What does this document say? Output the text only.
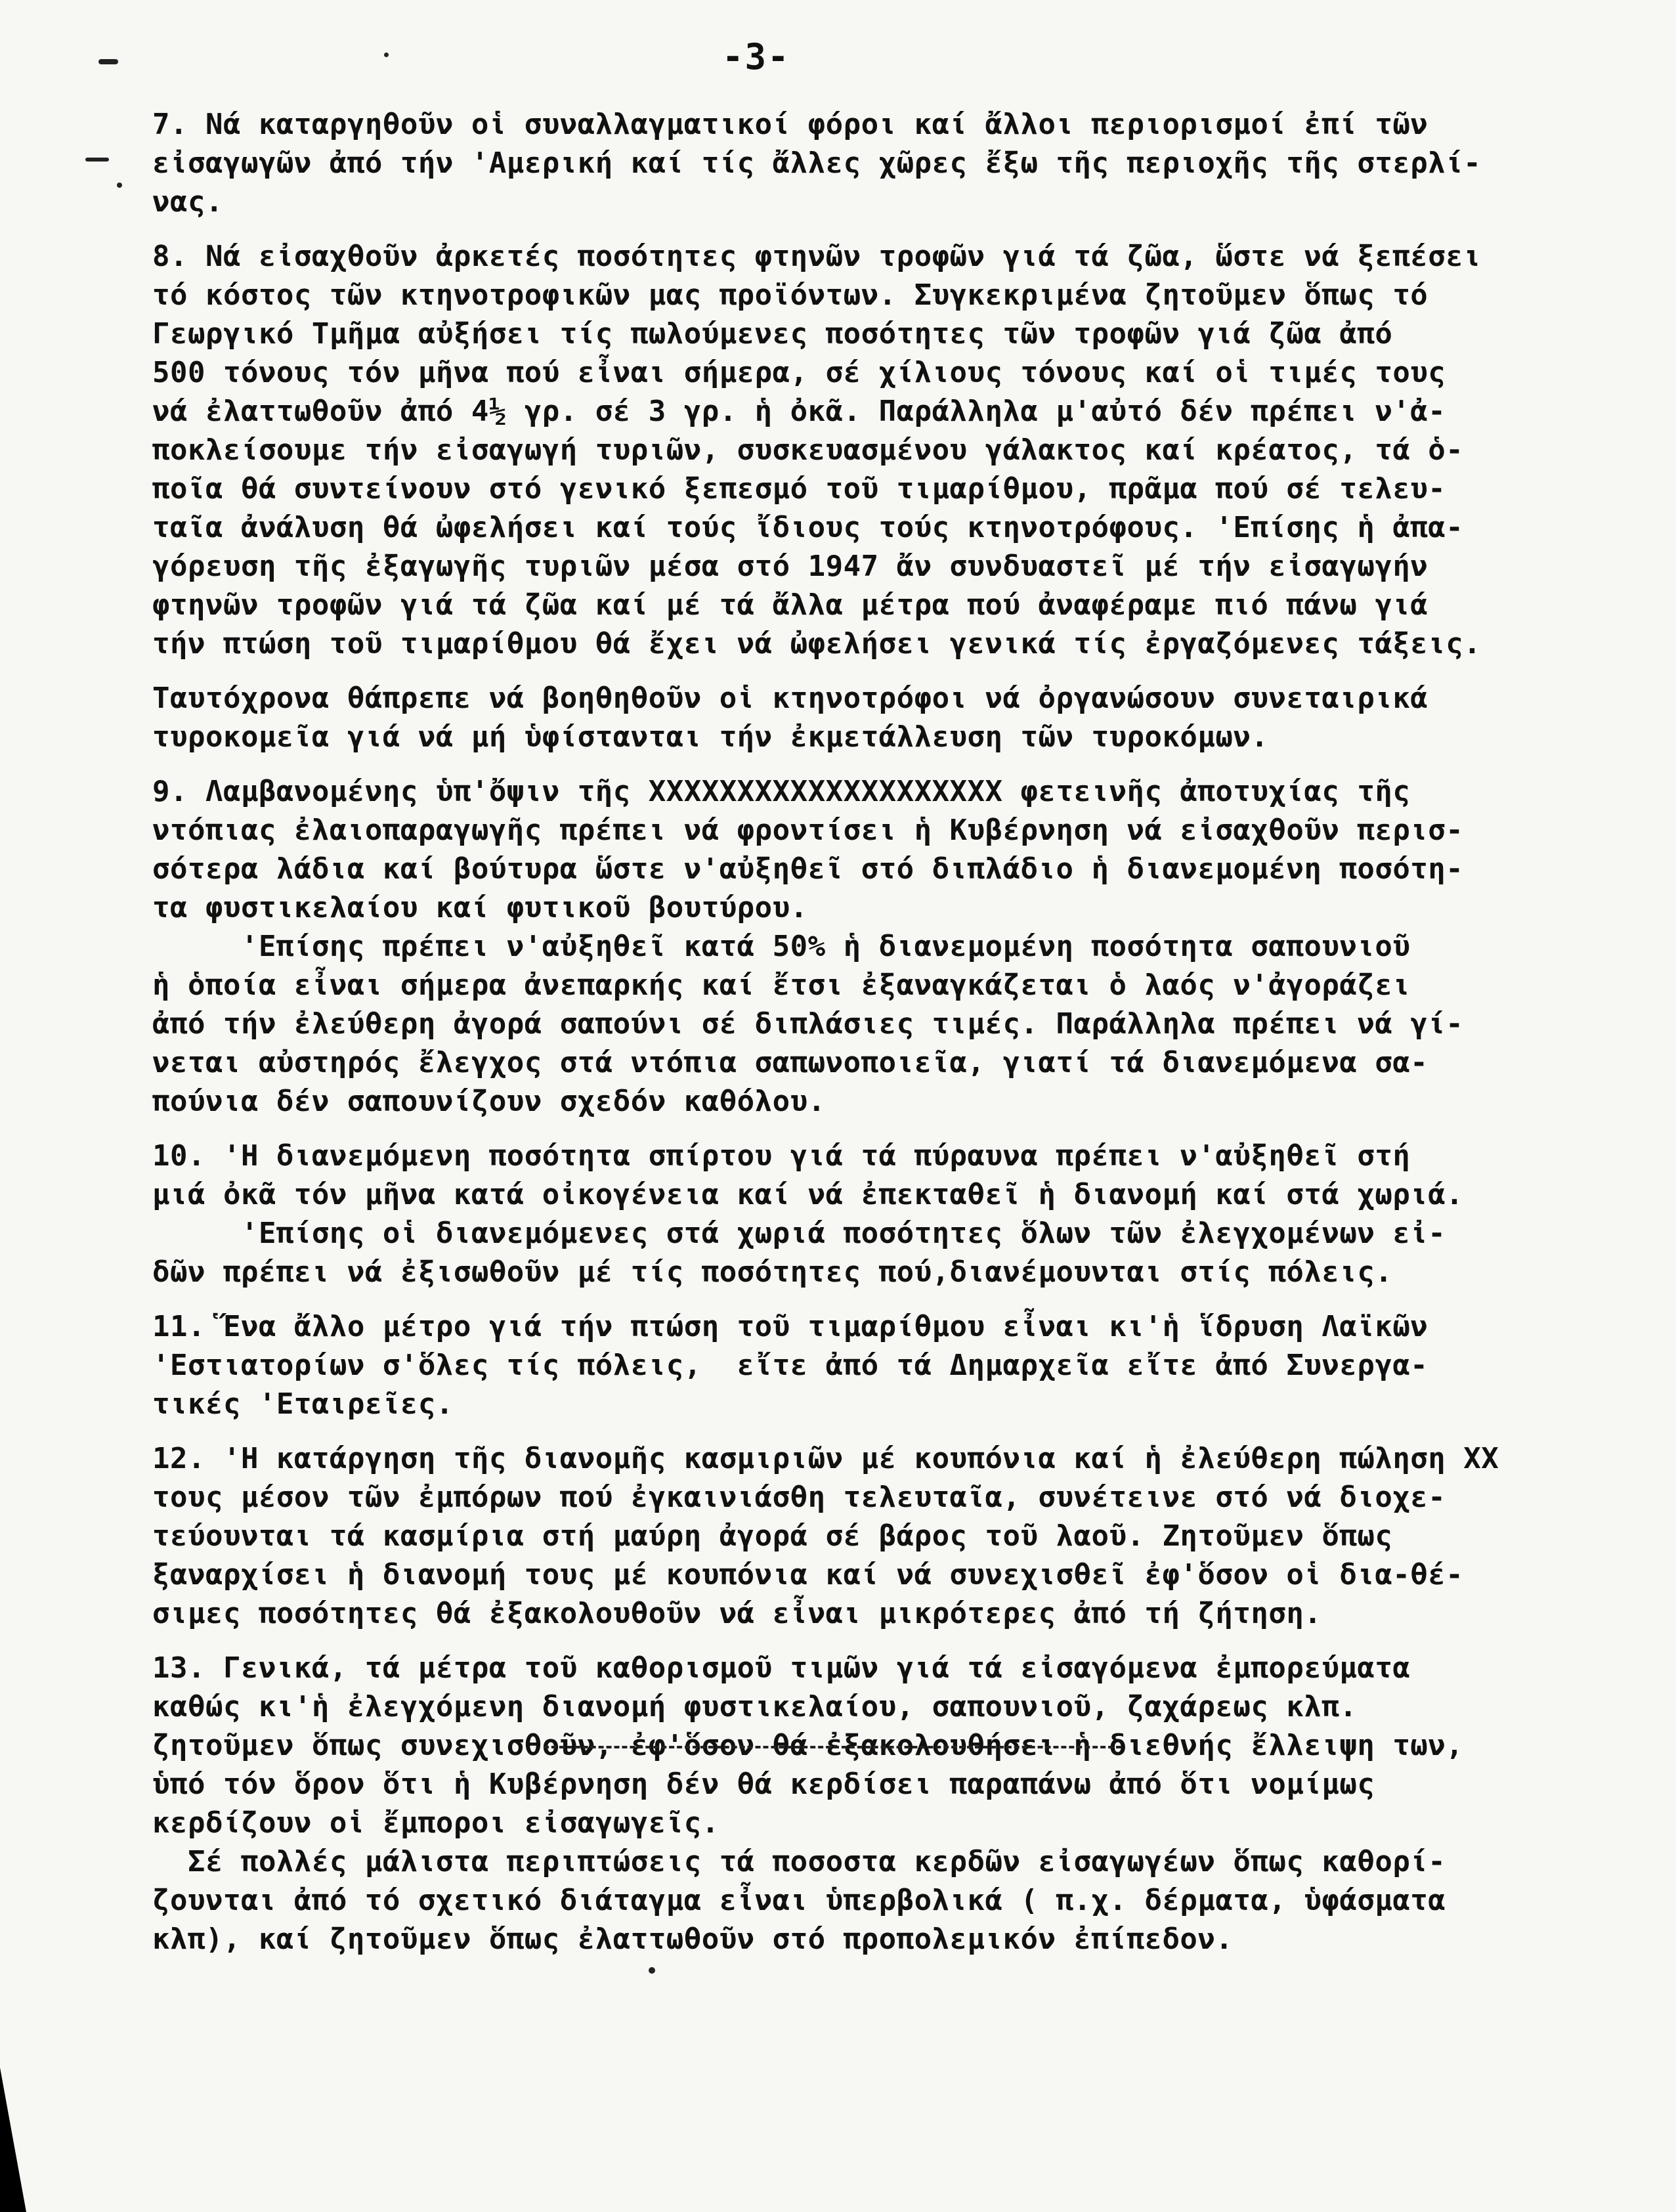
-3-
7. Νά καταργηθοῦν οἱ συναλλαγματικοί φόροι καί ἄλλοι περιορισμοί ἐπί τῶν
εἰσαγωγῶν ἀπό τήν 'Αμερική καί τίς ἄλλες χῶρες ἔξω τῆς περιοχῆς τῆς στερλί-
νας.
8. Νά εἰσαχθοῦν ἀρκετές ποσότητες φτηνῶν τροφῶν γιά τά ζῶα, ὥστε νά ξεπέσει
τό κόστος τῶν κτηνοτροφικῶν μας προϊόντων. Συγκεκριμένα ζητοῦμεν ὅπως τό
Γεωργικό Τμῆμα αὐξήσει τίς πωλούμενες ποσότητες τῶν τροφῶν γιά ζῶα ἀπό
500 τόνους τόν μῆνα πού εἶναι σήμερα, σέ χίλιους τόνους καί οἱ τιμές τους
νά ἐλαττωθοῦν ἀπό 4½ γρ. σέ 3 γρ. ἡ ὀκᾶ. Παράλληλα μ'αὐτό δέν πρέπει ν'ἀ-
ποκλείσουμε τήν εἰσαγωγή τυριῶν, συσκευασμένου γάλακτος καί κρέατος, τά ὁ-
ποῖα θά συντείνουν στό γενικό ξεπεσμό τοῦ τιμαρίθμου, πρᾶμα πού σέ τελευ-
ταῖα ἀνάλυση θά ὠφελήσει καί τούς ἴδιους τούς κτηνοτρόφους. 'Επίσης ἡ ἀπα-
γόρευση τῆς ἐξαγωγῆς τυριῶν μέσα στό 1947 ἄν συνδυαστεῖ μέ τήν εἰσαγωγήν
φτηνῶν τροφῶν γιά τά ζῶα καί μέ τά ἄλλα μέτρα πού ἀναφέραμε πιό πάνω γιά
τήν πτώση τοῦ τιμαρίθμου θά ἔχει νά ὠφελήσει γενικά τίς ἐργαζόμενες τάξεις.
Ταυτόχρονα θάπρεπε νά βοηθηθοῦν οἱ κτηνοτρόφοι νά ὀργανώσουν συνεταιρικά
τυροκομεῖα γιά νά μή ὑφίστανται τήν ἐκμετάλλευση τῶν τυροκόμων.
9. Λαμβανομένης ὑπ'ὄψιν τῆς XXXXXXXXXXXXXXXXXXXX φετεινῆς ἀποτυχίας τῆς
ντόπιας ἐλαιοπαραγωγῆς πρέπει νά φροντίσει ἡ Κυβέρνηση νά εἰσαχθοῦν περισ-
σότερα λάδια καί βούτυρα ὥστε ν'αὐξηθεῖ στό διπλάδιο ἡ διανεμομένη ποσότη-
τα φυστικελαίου καί φυτικοῦ βουτύρου.
'Επίσης πρέπει ν'αὐξηθεῖ κατά 50% ἡ διανεμομένη ποσότητα σαπουνιοῦ
ἡ ὁποία εἶναι σήμερα ἀνεπαρκής καί ἔτσι ἐξαναγκάζεται ὁ λαός ν'ἀγοράζει
ἀπό τήν ἐλεύθερη ἀγορά σαπούνι σέ διπλάσιες τιμές. Παράλληλα πρέπει νά γί-
νεται αὐστηρός ἔλεγχος στά ντόπια σαπωνοποιεῖα, γιατί τά διανεμόμενα σα-
πούνια δέν σαπουνίζουν σχεδόν καθόλου.
10. 'Η διανεμόμενη ποσότητα σπίρτου γιά τά πύραυνα πρέπει ν'αὐξηθεῖ στή
μιά ὀκᾶ τόν μῆνα κατά οἰκογένεια καί νά ἐπεκταθεῖ ἡ διανομή καί στά χωριά.
'Επίσης οἱ διανεμόμενες στά χωριά ποσότητες ὅλων τῶν ἐλεγχομένων εἰ-
δῶν πρέπει νά ἐξισωθοῦν μέ τίς ποσότητες πού,διανέμουνται στίς πόλεις.
11. Ἕνα ἄλλο μέτρο γιά τήν πτώση τοῦ τιμαρίθμου εἶναι κι'ἡ ἵδρυση Λαϊκῶν
'Εστιατορίων σ'ὅλες τίς πόλεις,  εἴτε ἀπό τά Δημαρχεῖα εἴτε ἀπό Συνεργα-
τικές 'Εταιρεῖες.
12. 'Η κατάργηση τῆς διανομῆς κασμιριῶν μέ κουπόνια καί ἡ ἐλεύθερη πώληση XX
τους μέσον τῶν ἐμπόρων πού ἐγκαινιάσθη τελευταῖα, συνέτεινε στό νά διοχε-
τεύουνται τά κασμίρια στή μαύρη ἀγορά σέ βάρος τοῦ λαοῦ. Ζητοῦμεν ὅπως
ξαναρχίσει ἡ διανομή τους μέ κουπόνια καί νά συνεχισθεῖ ἐφ'ὅσον οἱ δια-θέ-
σιμες ποσότητες θά ἐξακολουθοῦν νά εἶναι μικρότερες ἀπό τή ζήτηση.
13. Γενικά, τά μέτρα τοῦ καθορισμοῦ τιμῶν γιά τά εἰσαγόμενα ἐμπορεύματα
καθώς κι'ἡ ἐλεγχόμενη διανομή φυστικελαίου, σαπουνιοῦ, ζαχάρεως κλπ.
ζητοῦμεν ὅπως συνεχισθοῦν, ἐφ'ὅσον θά ἐξακολουθήσει ἡ διεθνής ἔλλειψη των,
ὑπό τόν ὅρον ὅτι ἡ Κυβέρνηση δέν θά κερδίσει παραπάνω ἀπό ὅτι νομίμως
κερδίζουν οἱ ἔμποροι εἰσαγωγεῖς.
Σέ πολλές μάλιστα περιπτώσεις τά ποσοστα κερδῶν εἰσαγωγέων ὅπως καθορί-
ζουνται ἀπό τό σχετικό διάταγμα εἶναι ὑπερβολικά ( π.χ. δέρματα, ὑφάσματα
κλπ), καί ζητοῦμεν ὅπως ἐλαττωθοῦν στό προπολεμικόν ἐπίπεδον.
